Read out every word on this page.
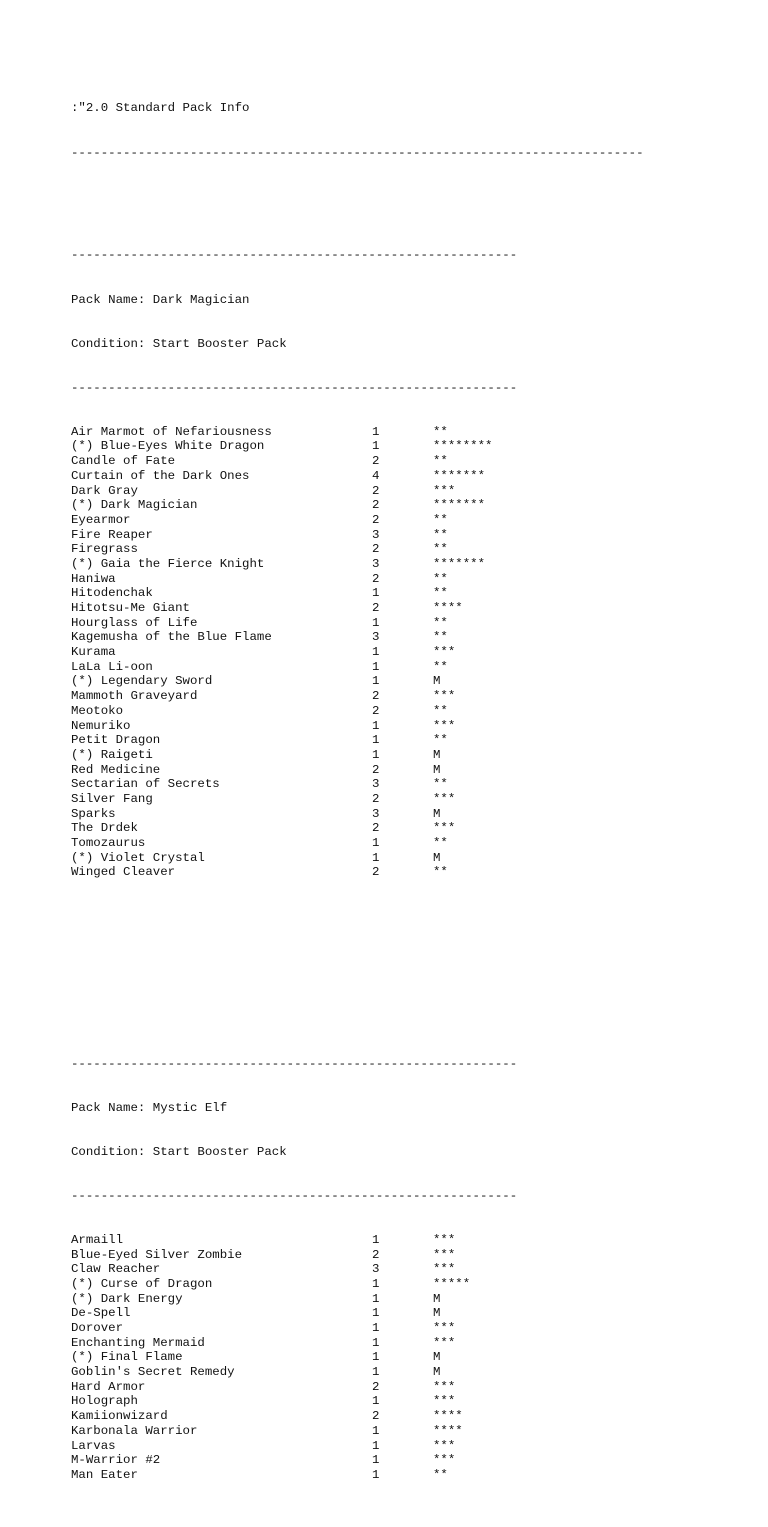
:"2.0 Standard Pack Info

-----------------------------------------------------------------------------

------------------------------------------------------------

Pack Name: Dark Magician

Condition: Start Booster Pack

------------------------------------------------------------

Air Marmot of Nefariousness	1	**
(*) Blue-Eyes White Dragon	1	********
Candle of Fate	2	**
Curtain of the Dark Ones	4	*******
Dark Gray	2	***
(*) Dark Magician	2	*******
Eyearmor	2	**
Fire Reaper	3	**
Firegrass	2	**
(*) Gaia the Fierce Knight	3	*******
Haniwa	2	**
Hitodenchak	1	**
Hitotsu-Me Giant	2	****
Hourglass of Life	1	**
Kagemusha of the Blue Flame	3	**
Kurama	1	***
LaLa Li-oon	1	**
(*) Legendary Sword	1	M
Mammoth Graveyard	2	***
Meotoko	2	**
Nemuriko	1	***
Petit Dragon	1	**
(*) Raigeti	1	M
Red Medicine	2	M
Sectarian of Secrets	3	**
Silver Fang	2	***
Sparks	3	M
The Drdek	2	***
Tomozaurus	1	**
(*) Violet Crystal	1	M
Winged Cleaver	2	**

------------------------------------------------------------

Pack Name: Mystic Elf

Condition: Start Booster Pack

------------------------------------------------------------

Armaill	1	***
Blue-Eyed Silver Zombie	2	***
Claw Reacher	3	***
(*) Curse of Dragon	1	*****
(*) Dark Energy	1	M
De-Spell	1	M
Dorover	1	***
Enchanting Mermaid	1	***
(*) Final Flame	1	M
Goblin's Secret Remedy	1	M
Hard Armor	2	***
Holograph	1	***
Kamiionwizard	2	****
Karbonala Warrior	1	****
Larvas	1	***
M-Warrior #2	1	***
Man Eater	1	**
